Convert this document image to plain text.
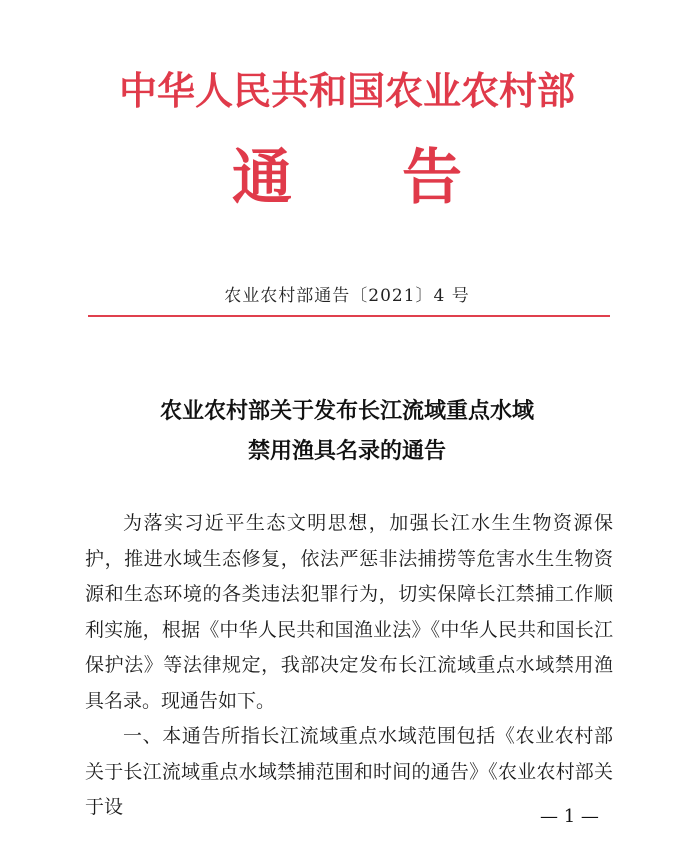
中华人民共和国农业农村部
通 告
农业农村部通告〔2021〕4 号
农业农村部关于发布长江流域重点水域
禁用渔具名录的通告

为落实习近平生态文明思想，加强长江水生生物资源保护，推进水域生态修复，依法严惩非法捕捞等危害水生生物资源和生态环境的各类违法犯罪行为，切实保障长江禁捕工作顺利实施，根据《中华人民共和国渔业法》《中华人民共和国长江保护法》等法律规定，我部决定发布长江流域重点水域禁用渔具名录。现通告如下。

一、本通告所指长江流域重点水域范围包括《农业农村部关于长江流域重点水域禁捕范围和时间的通告》《农业农村部关于设	— 1 —
